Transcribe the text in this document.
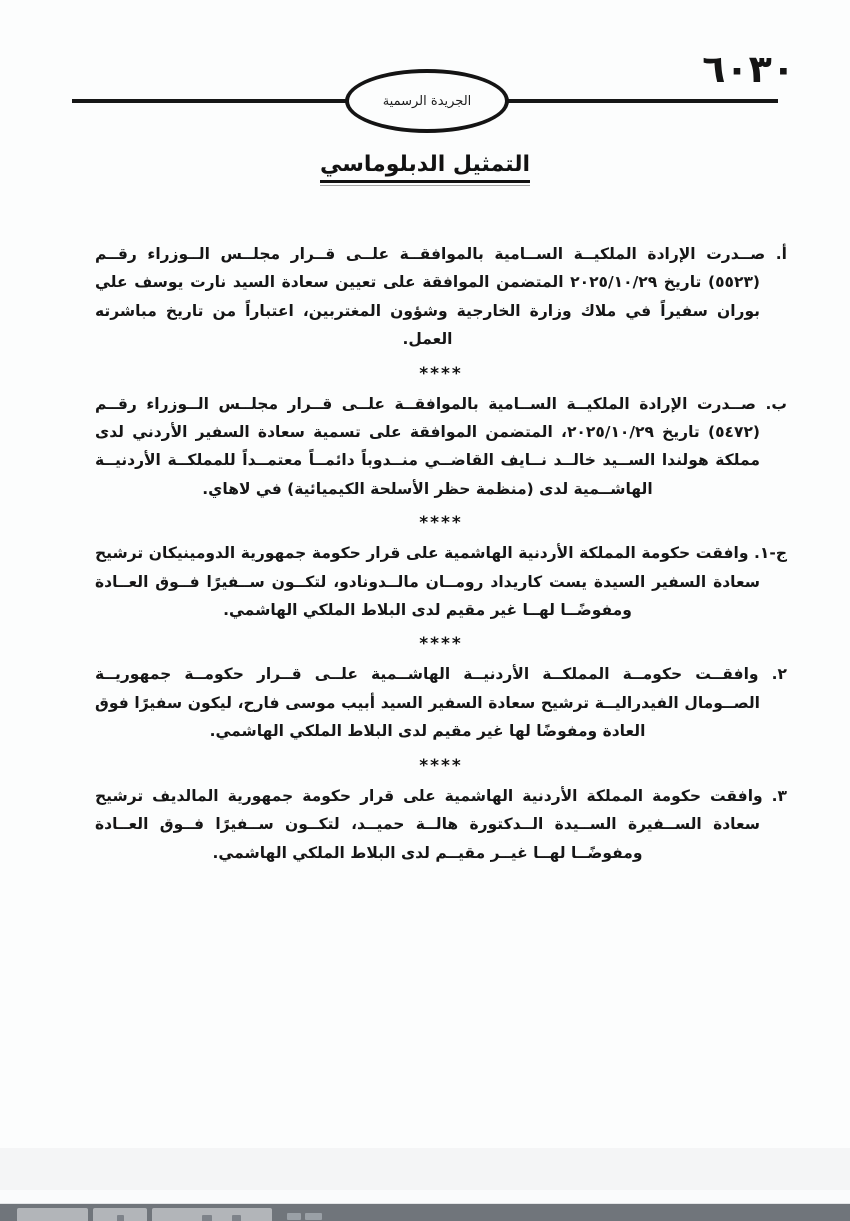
٦٠٣٠
الجريدة الرسمية
التمثيل الدبلوماسي

أ. صــدرت الإرادة الملكيــة الســامية بالموافقــة علــى قــرار مجلــس الــوزراء رقــم (٥٥٢٣) تاريخ ٢٠٢٥/١٠/٢٩ المتضمن الموافقة على تعيين سعادة السيد نارت يوسف علي بوران سفيراً في ملاك وزارة الخارجية وشؤون المغتربين، اعتباراً من تاريخ مباشرته العمل.

****

ب. صــدرت الإرادة الملكيــة الســامية بالموافقــة علــى قــرار مجلــس الــوزراء رقــم (٥٤٧٢) تاريخ ٢٠٢٥/١٠/٢٩، المتضمن الموافقة على تسمية سعادة السفير الأردني لدى مملكة هولندا الســيد خالــد نــايف القاضــي منــدوباً دائمــاً معتمــداً للمملكــة الأردنيــة الهاشــمية لدى (منظمة حظر الأسلحة الكيميائية) في لاهاي.

****

ج-١. وافقت حكومة المملكة الأردنية الهاشمية على قرار حكومة جمهورية الدومينيكان ترشيح سعادة السفير السيدة يست كاريداد رومــان مالــدونادو، لتكــون ســفيرًا فــوق العــادة ومفوضًــا لهــا غير مقيم لدى البلاط الملكي الهاشمي.

****

٢. وافقــت حكومــة المملكــة الأردنيــة الهاشــمية علــى قــرار حكومــة جمهوريــة الصــومال الفيدراليــة ترشيح سعادة السفير السيد أبيب موسى فارح، ليكون سفيرًا فوق العادة ومفوضًا لها غير مقيم لدى البلاط الملكي الهاشمي.

****

٣. وافقت حكومة المملكة الأردنية الهاشمية على قرار حكومة جمهورية المالديف ترشيح سعادة الســفيرة الســيدة الــدكتورة هالــة حميــد، لتكــون ســفيرًا فــوق العــادة ومفوضًــا لهــا غيــر مقيــم لدى البلاط الملكي الهاشمي.
